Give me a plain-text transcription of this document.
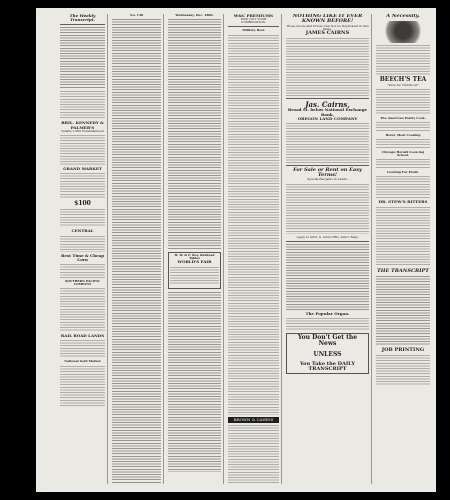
The Weekly Transcript.
BRIL. KENNEDY & PALMER'S
Tenafly's Phil Establishment
GRAND MARKET
$100
CENTRAL
Best Time & Cheap Corn
SOUTHERN PACIFIC COMPANY
RAIL ROAD LANDS
National Gold Market
No. 138	Wednesday, Dec. 1880.
H. W. & F. Roy. Railroad Tables
WORLD'S FAIR
W&C PREMIUMS
PICK OUT YOUR COMBINATION.
Military Boot
BROWN & CAIRNS
NOTHING LIKE IT EVER KNOWN BEFORE!
Those Goods and Prices Can Not be Duplicated in this State.
JAMES CAIRNS
Jas. Cairns,
Broad St. below National Exchange Bank,
OREGON LAND COMPANY
For Sale or Rent on Easy Terms!
Special Bargains in Lands.
Apply to GEO. G. GAYLORD, Adm'r Reay.
The Popular Organ.
You Don't Get the News
UNLESS
You Take the DAILY TRANSCRIPT
A Necessity.
BEECH'S TEA
"Pure for Childhood"
The American Pastry Cook.
Hotel, Meat Cooking
Chicago Herald Cook-ing School.
Cooking For Profit.
DR. STEW'S BITTERS
THE TRANSCRIPT
JOB PRINTING
